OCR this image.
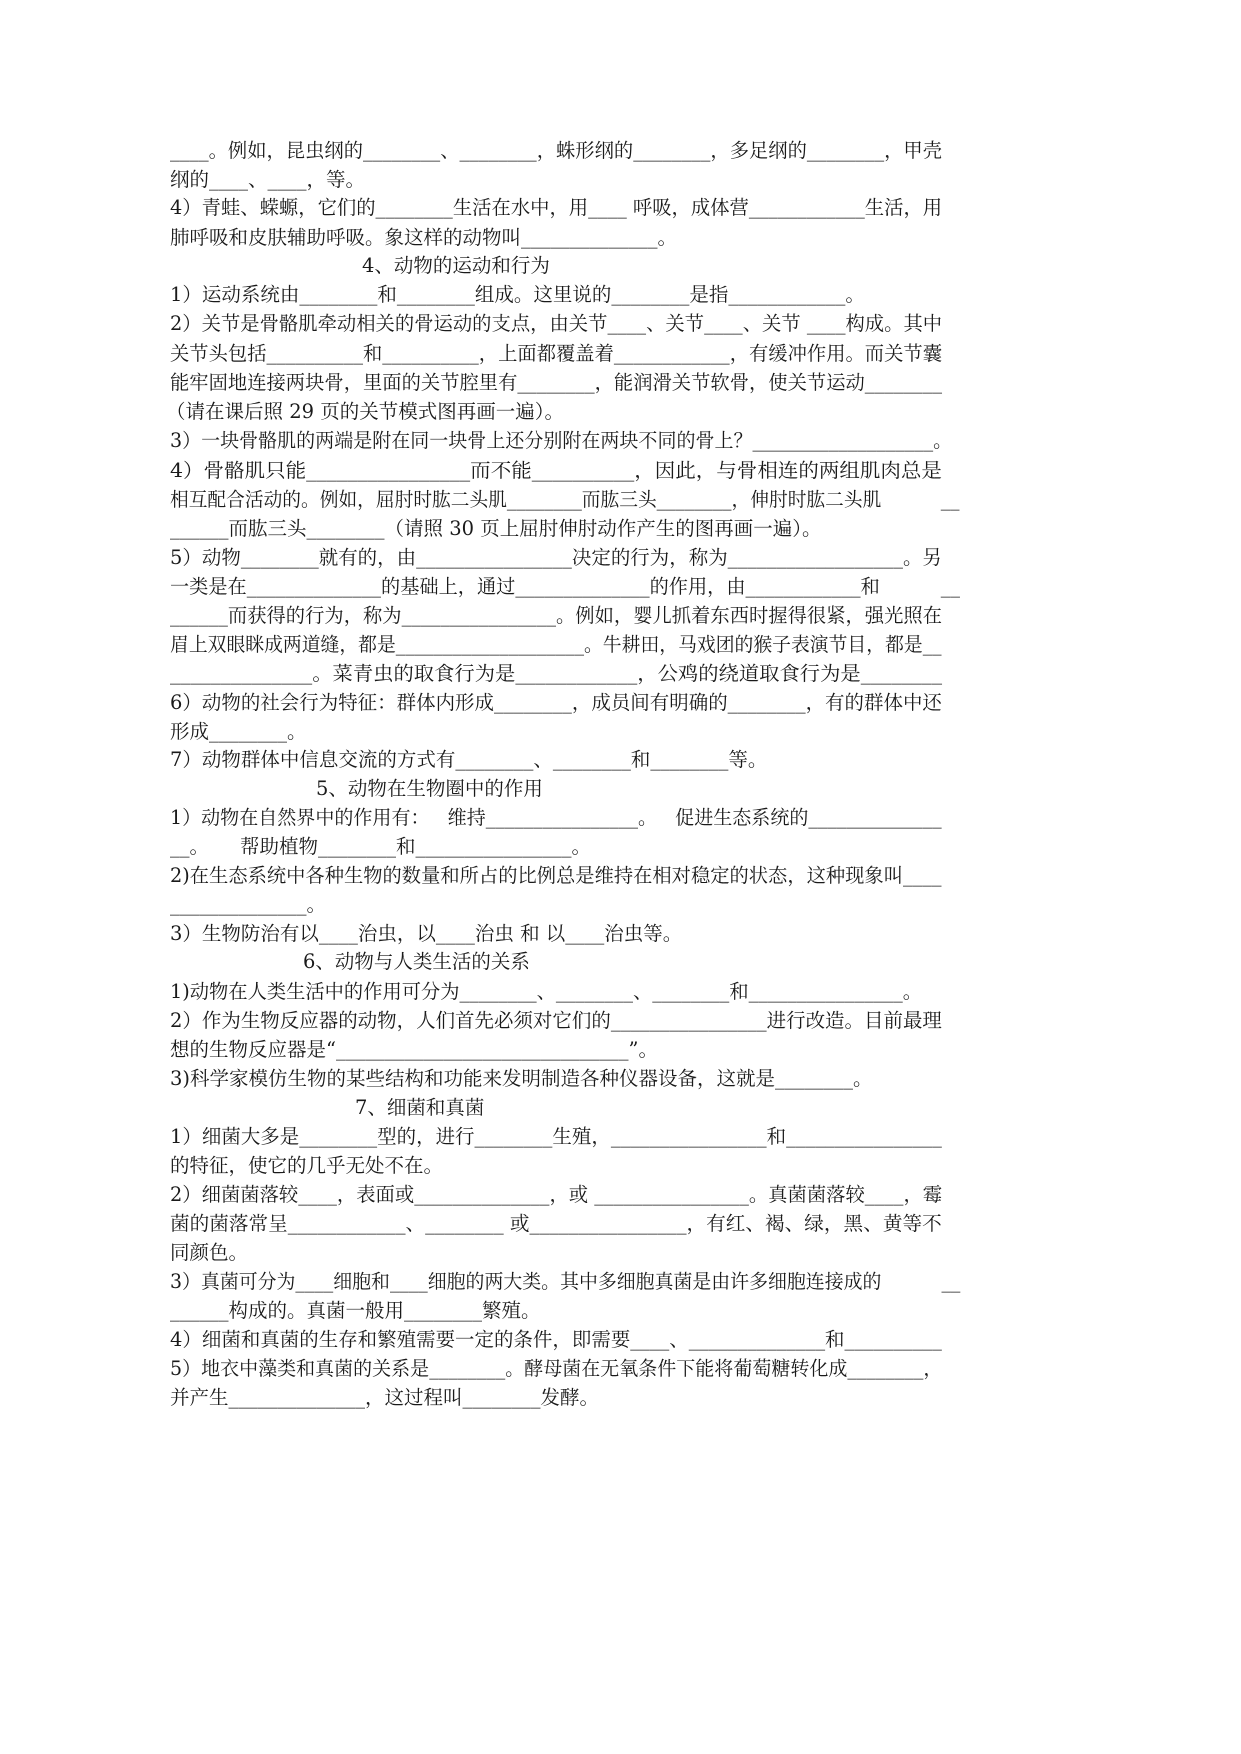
____。例如，昆虫纲的________、________，蛛形纲的________，多足纲的________，甲壳
纲的____、____，等。
4）青蛙、蝾螈，它们的________生活在水中，用____ 呼吸，成体营____________生活，用
肺呼吸和皮肤辅助呼吸。象这样的动物叫______________。
4、动物的运动和行为
1）运动系统由________和________组成。这里说的________是指____________。
2）关节是骨骼肌牵动相关的骨运动的支点，由关节____、关节____、关节 ____构成。其中
关节头包括__________和__________，上面都覆盖着____________，有缓冲作用。而关节囊
能牢固地连接两块骨，里面的关节腔里有________，能润滑关节软骨，使关节运动________
（请在课后照 29 页的关节模式图再画一遍）。
3）一块骨骼肌的两端是附在同一块骨上还分别附在两块不同的骨上？___________________。
4）骨骼肌只能________________而不能__________，因此，与骨相连的两组肌肉总是
相互配合活动的。例如，屈肘时肱二头肌________而肱三头________，伸肘时肱二头肌          __
______而肱三头________（请照 30 页上屈肘伸肘动作产生的图再画一遍）。
5）动物________就有的，由________________决定的行为，称为__________________。另
一类是在______________的基础上，通过______________的作用，由____________和          __
______而获得的行为，称为________________。例如，婴儿抓着东西时握得很紧，强光照在
眉上双眼眯成两道缝，都是____________________。牛耕田，马戏团的猴子表演节目，都是__
______________。菜青虫的取食行为是____________，公鸡的绕道取食行为是________
6）动物的社会行为特征：群体内形成________，成员间有明确的________，有的群体中还
形成________。
7）动物群体中信息交流的方式有________、________和________等。
5、动物在生物圈中的作用
1）动物在自然界中的作用有：   维持________________。   促进生态系统的______________
__。     帮助植物________和________________。
2)在生态系统中各种生物的数量和所占的比例总是维持在相对稳定的状态，这种现象叫____
______________。
3）生物防治有以____治虫，以____治虫 和 以____治虫等。
6、动物与人类生活的关系
1)动物在人类生活中的作用可分为________、________、________和________________。
2）作为生物反应器的动物，人们首先必须对它们的________________进行改造。目前最理
想的生物反应器是“______________________________”。
3)科学家模仿生物的某些结构和功能来发明制造各种仪器设备，这就是________。
7、细菌和真菌
1）细菌大多是________型的，进行________生殖，________________和________________
的特征，使它的几乎无处不在。
2）细菌菌落较____，表面或______________，或 ________________。真菌菌落较____，霉
菌的菌落常呈____________、________ 或________________，有红、褐、绿，黑、黄等不
同颜色。
3）真菌可分为____细胞和____细胞的两大类。其中多细胞真菌是由许多细胞连接成的          __
______构成的。真菌一般用________繁殖。
4）细菌和真菌的生存和繁殖需要一定的条件，即需要____、______________和__________
5）地衣中藻类和真菌的关系是________。酵母菌在无氧条件下能将葡萄糖转化成________，
并产生______________，这过程叫________发酵。
